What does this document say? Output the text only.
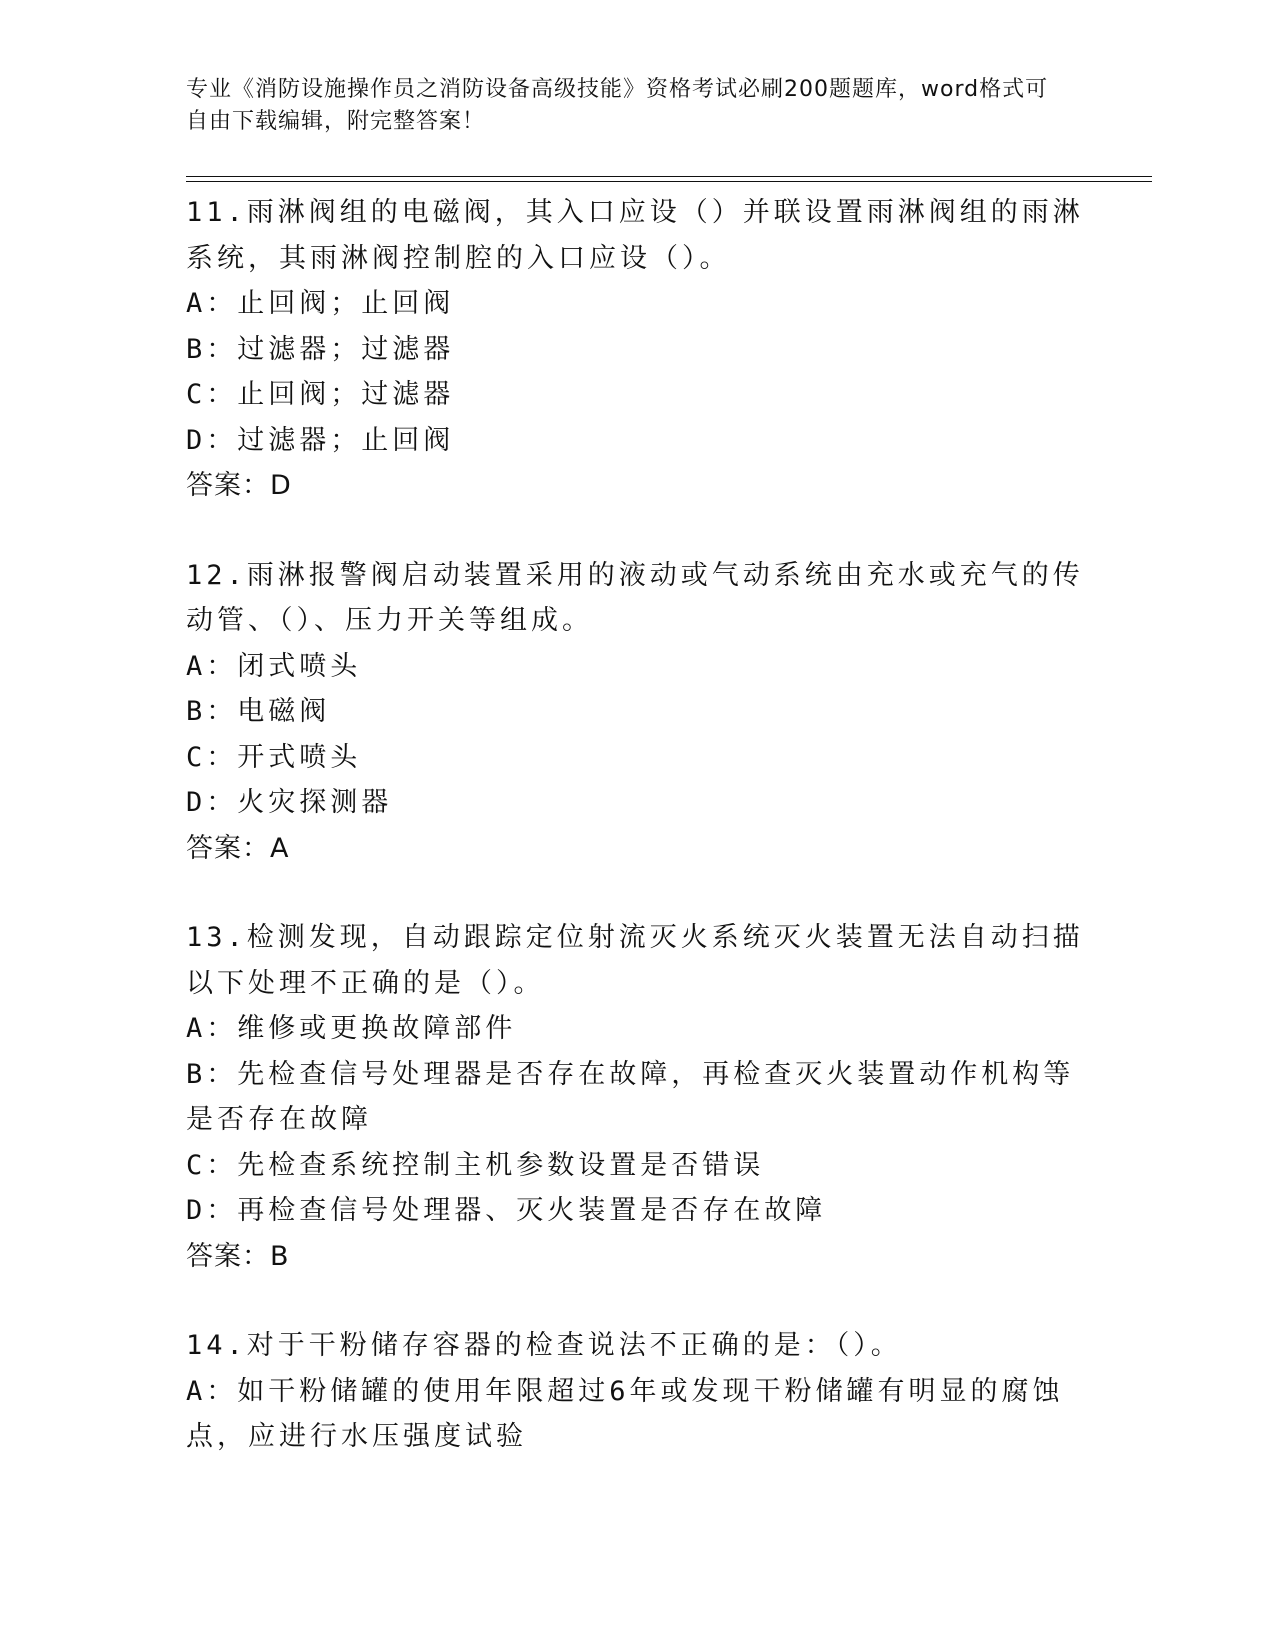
专业《消防设施操作员之消防设备高级技能》资格考试必刷200题题库，word格式可自由下载编辑，附完整答案！

11.雨淋阀组的电磁阀，其入口应设（）并联设置雨淋阀组的雨淋系统，其雨淋阀控制腔的入口应设（）。

A：止回阀；止回阀

B：过滤器；过滤器

C：止回阀；过滤器

D：过滤器；止回阀

答案：D

12.雨淋报警阀启动装置采用的液动或气动系统由充水或充气的传动管、（）、压力开关等组成。

A：闭式喷头

B：电磁阀

C：开式喷头

D：火灾探测器

答案：A

13.检测发现，自动跟踪定位射流灭火系统灭火装置无法自动扫描以下处理不正确的是（）。

A：维修或更换故障部件

B：先检查信号处理器是否存在故障，再检查灭火装置动作机构等是否存在故障

C：先检查系统控制主机参数设置是否错误

D：再检查信号处理器、灭火装置是否存在故障

答案：B

14.对于干粉储存容器的检查说法不正确的是：（）。

A：如干粉储罐的使用年限超过6年或发现干粉储罐有明显的腐蚀点，应进行水压强度试验
